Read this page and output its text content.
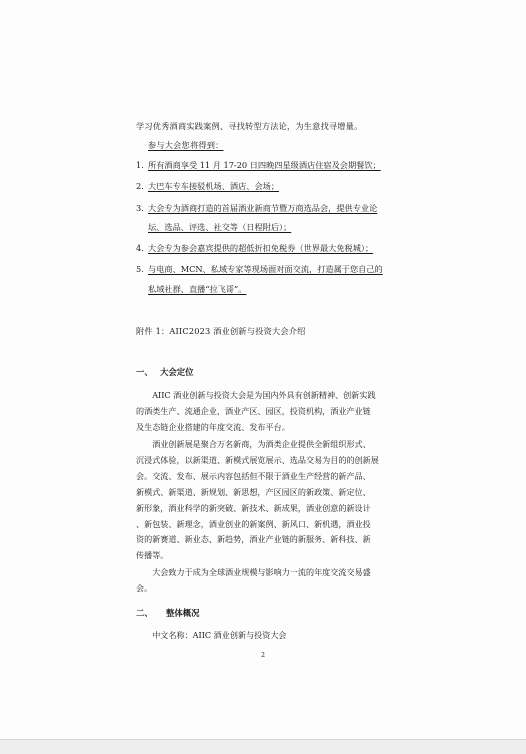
学习优秀酒商实践案例、寻找转型方法论，为生意找寻增量。
参与大会您将得到：
1. 所有酒商享受 11 月 17-20 日四晚四星级酒店住宿及会期餐饮；
2. 大巴车专车接驳机场、酒店、会场；
3. 大会专为酒商打造的首届酒业新商节暨万商选品会，提供专业论
坛、选品、评选、社交等（日程附后）；
4. 大会专为参会嘉宾提供的超低折扣免税券（世界最大免税城）；
5. 与电商、MCN、私域专家等现场面对面交流，打造属于您自己的
私域社群、直播“拉飞哥”。
附件 1：AIIC2023 酒业创新与投资大会介绍
一、 大会定位

　　AIIC 酒业创新与投资大会是为国内外具有创新精神、创新实践

的酒类生产、流通企业，酒业产区、园区，投资机构，酒业产业链

及生态链企业搭建的年度交流、发布平台。

　　酒业创新展是聚合万名新商，为酒类企业提供全新组织形式、

沉浸式体验，以新渠道、新模式展览展示、选品交易为目的的创新展

会。交流、发布、展示内容包括但不限于酒业生产经营的新产品、

新模式、新渠道、新规划、新思想，产区园区的新政策、新定位、

新形象，酒业科学的新突破、新技术、新成果，酒业创意的新设计

、新包装、新理念，酒业创业的新案例、新风口、新机遇，酒业投

资的新赛道、新业态、新趋势，酒业产业链的新服务、新科技、新

传播等。

　　大会致力于成为全球酒业规模与影响力一流的年度交流交易盛

会。

二、 整体概况

　　中文名称：AIIC 酒业创新与投资大会

2
